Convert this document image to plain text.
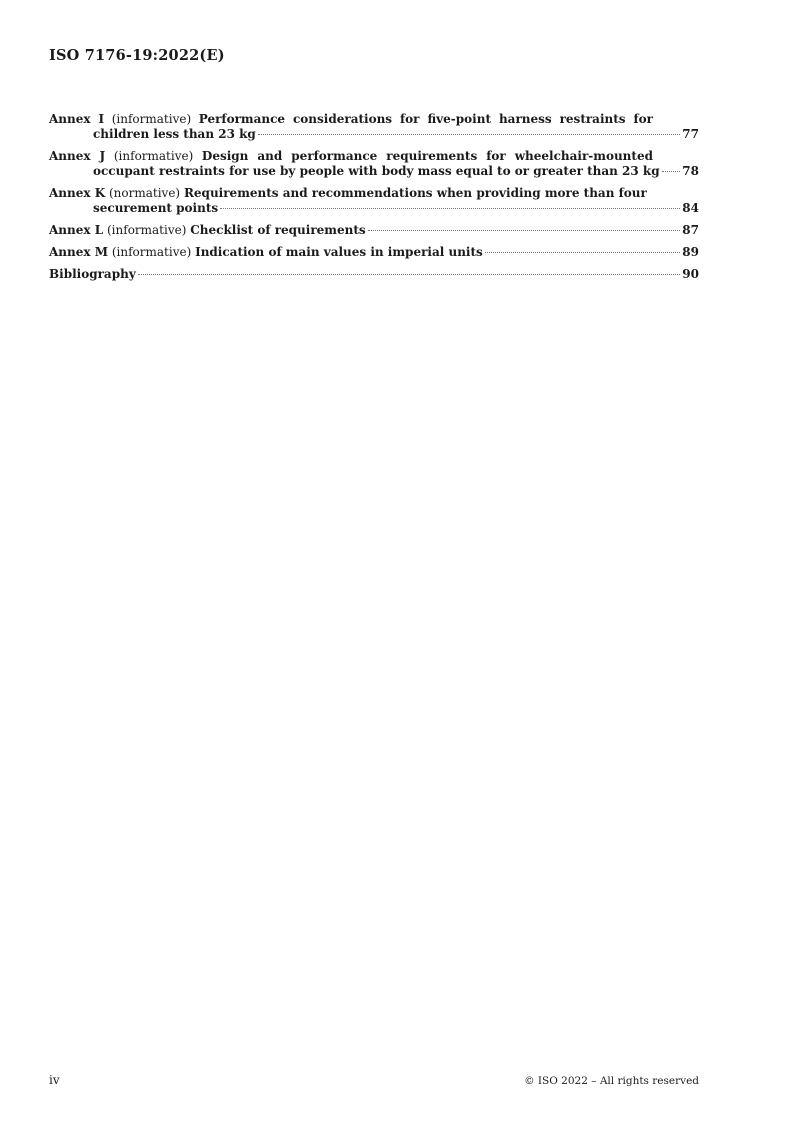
ISO 7176-19:2022(E)
Annex I (informative) Performance considerations for five-point harness restraints for
children less than 23 kg	77
Annex J (informative) Design and performance requirements for wheelchair-mounted
occupant restraints for use by people with body mass equal to or greater than 23 kg 78
Annex K (normative) Requirements and recommendations when providing more than four
securement points	84
Annex L
(informative)
Checklist of requirements	87
Annex M
(informative)
Indication of main values in imperial units	89
Bibliography	90
iv	© ISO 2022 – All rights reserved
